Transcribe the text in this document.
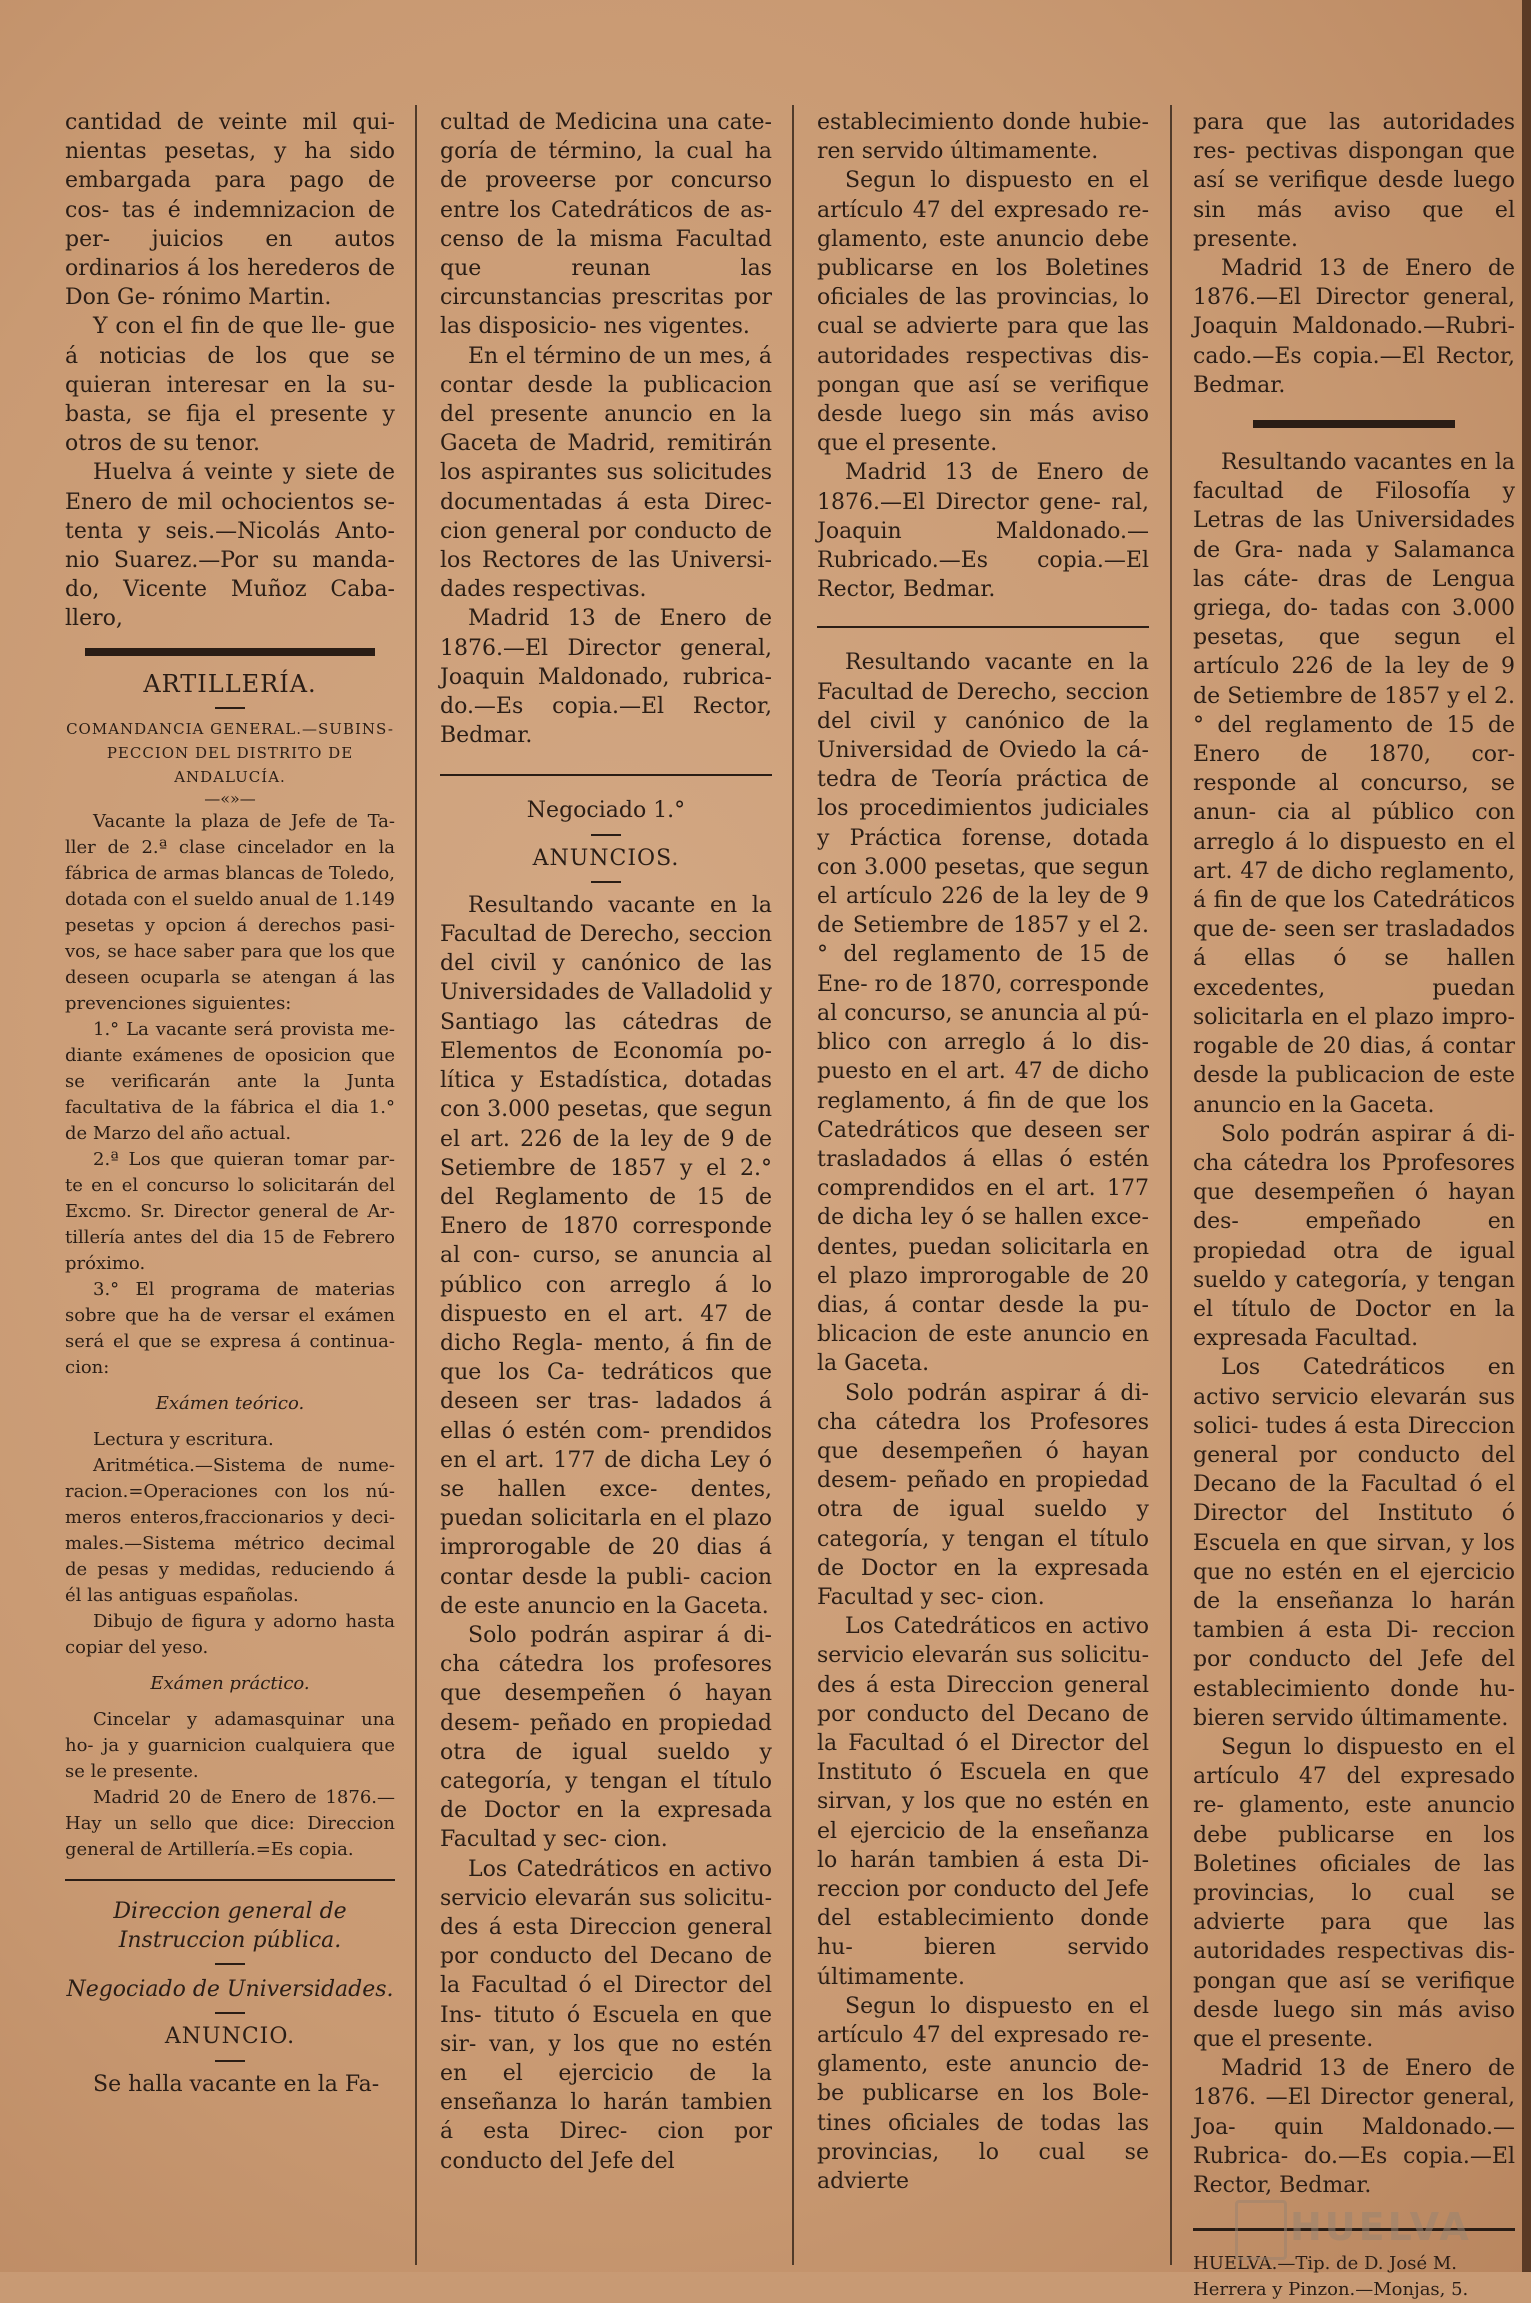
cantidad de veinte mil qui- nientas pesetas, y ha sido embargada para pago de cos- tas é indemnizacion de per- juicios en autos ordinarios á los herederos de Don Ge- rónimo Martin.

Y con el fin de que lle- gue á noticias de los que se quieran interesar en la su- basta, se fija el presente y otros de su tenor.

Huelva á veinte y siete de Enero de mil ochocientos se- tenta y seis.—Nicolás Anto- nio Suarez.—Por su manda- do, Vicente Muñoz Caba- llero,

ARTILLERÍA.
COMANDANCIA GENERAL.—SUBINS-
PECCION DEL DISTRITO DE ANDALUCÍA.
—«»—

Vacante la plaza de Jefe de Ta- ller de 2.ª clase cincelador en la fábrica de armas blancas de Toledo, dotada con el sueldo anual de 1.149 pesetas y opcion á derechos pasi- vos, se hace saber para que los que deseen ocuparla se atengan á las prevenciones siguientes:

1.° La vacante será provista me- diante exámenes de oposicion que se verificarán ante la Junta facultativa de la fábrica el dia 1.° de Marzo del año actual.

2.ª Los que quieran tomar par- te en el concurso lo solicitarán del Excmo. Sr. Director general de Ar- tillería antes del dia 15 de Febrero próximo.

3.° El programa de materias sobre que ha de versar el exámen será el que se expresa á continua- cion:

Exámen teórico.

Lectura y escritura.

Aritmética.—Sistema de nume- racion.=Operaciones con los nú- meros enteros,fraccionarios y deci- males.—Sistema métrico decimal de pesas y medidas, reduciendo á él las antiguas españolas.

Dibujo de figura y adorno hasta copiar del yeso.

Exámen práctico.

Cincelar y adamasquinar una ho- ja y guarnicion cualquiera que se le presente.

Madrid 20 de Enero de 1876.— Hay un sello que dice: Direccion general de Artillería.=Es copia.

Direccion general de Instruccion pública.

Negociado de Universidades.

ANUNCIO.

Se halla vacante en la Fa-

cultad de Medicina una cate- goría de término, la cual ha de proveerse por concurso entre los Catedráticos de as- censo de la misma Facultad que reunan las circunstancias prescritas por las disposicio- nes vigentes.

En el término de un mes, á contar desde la publicacion del presente anuncio en la Gaceta de Madrid, remitirán los aspirantes sus solicitudes documentadas á esta Direc- cion general por conducto de los Rectores de las Universi- dades respectivas.

Madrid 13 de Enero de 1876.—El Director general, Joaquin Maldonado, rubrica- do.—Es copia.—El Rector, Bedmar.

Negociado 1.°

ANUNCIOS.

Resultando vacante en la Facultad de Derecho, seccion del civil y canónico de las Universidades de Valladolid y Santiago las cátedras de Elementos de Economía po- lítica y Estadística, dotadas con 3.000 pesetas, que segun el art. 226 de la ley de 9 de Setiembre de 1857 y el 2.° del Reglamento de 15 de Enero de 1870 corresponde al con- curso, se anuncia al público con arreglo á lo dispuesto en el art. 47 de dicho Regla- mento, á fin de que los Ca- tedráticos que deseen ser tras- ladados á ellas ó estén com- prendidos en el art. 177 de dicha Ley ó se hallen exce- dentes, puedan solicitarla en el plazo improrogable de 20 dias á contar desde la publi- cacion de este anuncio en la Gaceta.

Solo podrán aspirar á di- cha cátedra los profesores que desempeñen ó hayan desem- peñado en propiedad otra de igual sueldo y categoría, y tengan el título de Doctor en la expresada Facultad y sec- cion.

Los Catedráticos en activo servicio elevarán sus solicitu- des á esta Direccion general por conducto del Decano de la Facultad ó el Director del Ins- tituto ó Escuela en que sir- van, y los que no estén en el ejercicio de la enseñanza lo harán tambien á esta Direc- cion por conducto del Jefe del

establecimiento donde hubie- ren servido últimamente.

Segun lo dispuesto en el artículo 47 del expresado re- glamento, este anuncio debe publicarse en los Boletines oficiales de las provincias, lo cual se advierte para que las autoridades respectivas dis- pongan que así se verifique desde luego sin más aviso que el presente.

Madrid 13 de Enero de 1876.—El Director gene- ral, Joaquin Maldonado.— Rubricado.—Es copia.—El Rector, Bedmar.

Resultando vacante en la Facultad de Derecho, seccion del civil y canónico de la Universidad de Oviedo la cá- tedra de Teoría práctica de los procedimientos judiciales y Práctica forense, dotada con 3.000 pesetas, que segun el artículo 226 de la ley de 9 de Setiembre de 1857 y el 2.° del reglamento de 15 de Ene- ro de 1870, corresponde al concurso, se anuncia al pú- blico con arreglo á lo dis- puesto en el art. 47 de dicho reglamento, á fin de que los Catedráticos que deseen ser trasladados á ellas ó estén comprendidos en el art. 177 de dicha ley ó se hallen exce- dentes, puedan solicitarla en el plazo improrogable de 20 dias, á contar desde la pu- blicacion de este anuncio en la Gaceta.

Solo podrán aspirar á di- cha cátedra los Profesores que desempeñen ó hayan desem- peñado en propiedad otra de igual sueldo y categoría, y tengan el título de Doctor en la expresada Facultad y sec- cion.

Los Catedráticos en activo servicio elevarán sus solicitu- des á esta Direccion general por conducto del Decano de la Facultad ó el Director del Instituto ó Escuela en que sirvan, y los que no estén en el ejercicio de la enseñanza lo harán tambien á esta Di- reccion por conducto del Jefe del establecimiento donde hu- bieren servido últimamente.

Segun lo dispuesto en el artículo 47 del expresado re- glamento, este anuncio de- be publicarse en los Bole- tines oficiales de todas las provincias, lo cual se advierte

para que las autoridades res- pectivas dispongan que así se verifique desde luego sin más aviso que el presente.

Madrid 13 de Enero de 1876.—El Director general, Joaquin Maldonado.—Rubri- cado.—Es copia.—El Rector, Bedmar.

Resultando vacantes en la facultad de Filosofía y Letras de las Universidades de Gra- nada y Salamanca las cáte- dras de Lengua griega, do- tadas con 3.000 pesetas, que segun el artículo 226 de la ley de 9 de Setiembre de 1857 y el 2.° del reglamento de 15 de Enero de 1870, cor- responde al concurso, se anun- cia al público con arreglo á lo dispuesto en el art. 47 de dicho reglamento, á fin de que los Catedráticos que de- seen ser trasladados á ellas ó se hallen excedentes, puedan solicitarla en el plazo impro- rogable de 20 dias, á contar desde la publicacion de este anuncio en la Gaceta.

Solo podrán aspirar á di- cha cátedra los Pprofesores que desempeñen ó hayan des- empeñado en propiedad otra de igual sueldo y categoría, y tengan el título de Doctor en la expresada Facultad.

Los Catedráticos en activo servicio elevarán sus solici- tudes á esta Direccion general por conducto del Decano de la Facultad ó el Director del Instituto ó Escuela en que sirvan, y los que no estén en el ejercicio de la enseñanza lo harán tambien á esta Di- reccion por conducto del Jefe del establecimiento donde hu- bieren servido últimamente.

Segun lo dispuesto en el artículo 47 del expresado re- glamento, este anuncio debe publicarse en los Boletines oficiales de las provincias, lo cual se advierte para que las autoridades respectivas dis- pongan que así se verifique desde luego sin más aviso que el presente.

Madrid 13 de Enero de 1876. —El Director general, Joa- quin Maldonado.— Rubrica- do.—Es copia.—El Rector, Bedmar.

HUELVA.—Tip. de D. José M. Herrera y Pinzon.—Monjas, 5.

HUELVA
